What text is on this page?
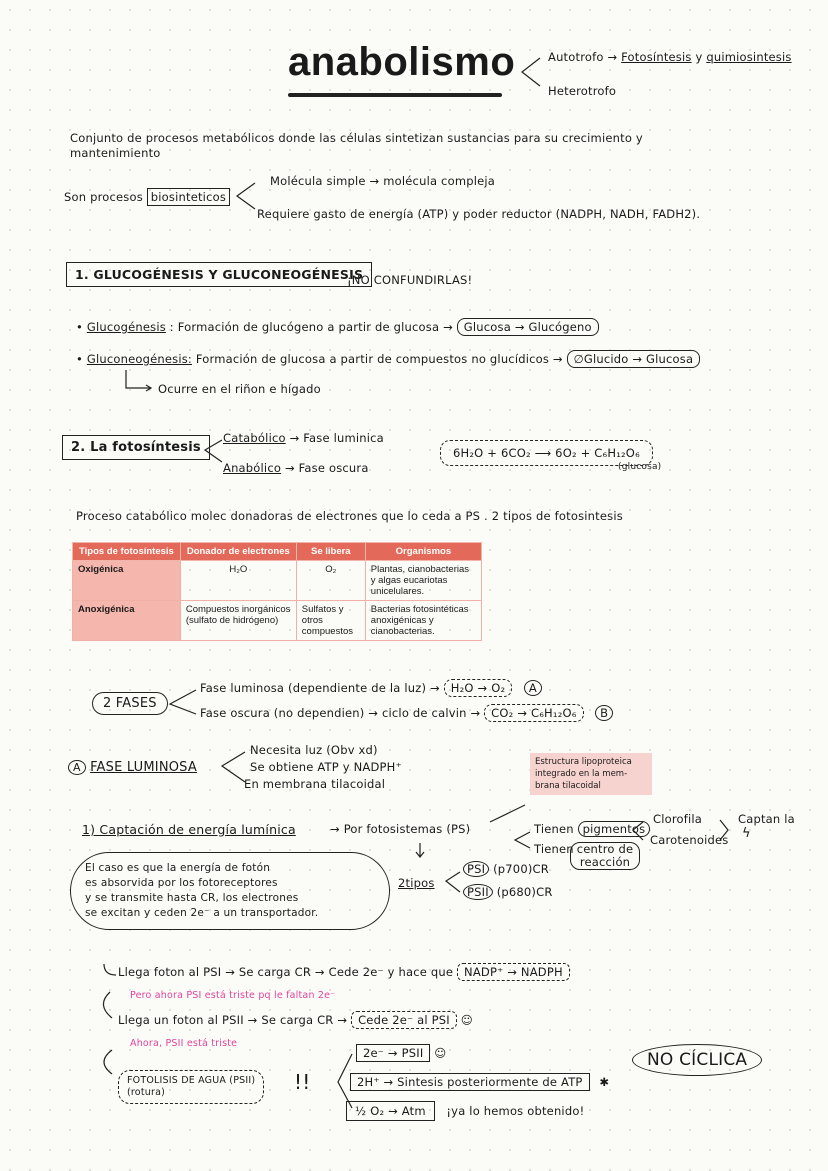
anabolismo	Autotrofo → Fotosíntesis y quimiosintesis
Heterotrofo
Conjunto de procesos metabólicos donde las células sintetizan sustancias para su crecimiento y
mantenimiento
Son procesos biosinteticos
Molécula simple → molécula compleja
Requiere gasto de energía (ATP) y poder reductor (NADPH, NADH, FADH2).
1. GLUCOGÉNESIS Y GLUCONEOGÉNESIS
¡NO CONFUNDIRLAS!
• Glucogénesis : Formación de glucógeno a partir de glucosa → Glucosa → Glucógeno
• Gluconeogénesis: Formación de glucosa a partir de compuestos no glucídicos → ∅Glucido → Glucosa
Ocurre en el riñon e hígado
2. La fotosíntesis
Catabólico → Fase luminica
Anabólico → Fase oscura
6H₂O + 6CO₂ ⟶ 6O₂ + C₆H₁₂O₆
(glucosa)
Proceso catabólico molec donadoras de electrones que lo ceda a PS . 2 tipos de fotosintesis
Tipos de fotosíntesis	Donador de electrones	Se libera	Organismos
Oxigénica	H₂O	O₂	Plantas, cianobacterias y algas eucariotas unicelulares.
Anoxigénica	Compuestos inorgánicos (sulfato de hidrógeno)	Sulfatos y otros compuestos	Bacterias fotosintéticas anoxigénicas y cianobacterias.
2 FASES
Fase luminosa (dependiente de la luz) → H₂O → O₂ A
Fase oscura (no dependien) → ciclo de calvin → CO₂ → C₆H₁₂O₆ B
A FASE LUMINOSA
Necesita luz (Obv xd)
Se obtiene ATP y NADPH⁺
En membrana tilacoidal
Estructura lipoproteica
integrado en la mem-
brana tilacoidal
1) Captación de energía lumínica	→ Por fotosistemas (PS)	Tienen pigmentos
Tienen centro de reacción
Clorofila
Carotenoides
Captan la
ϟ
2tipos
PSI (p700)CR
PSII (p680)CR
El caso es que la energía de fotón
es absorvida por los fotoreceptores
y se transmite hasta CR, los electrones
se excitan y ceden 2e⁻ a un transportador.
Llega foton al PSI → Se carga CR → Cede 2e⁻ y hace que NADP⁺ → NADPH
Pero ahora PSI está triste pq le faltan 2e⁻
Llega un foton al PSII → Se carga CR → Cede 2e⁻ al PSI ☺
Ahora, PSII está triste
FOTOLISIS DE AGUA (PSII)
(rotura)	!!
2e⁻ → PSII ☺
2H⁺ → Sintesis posteriormente de ATP ✱
½ O₂ → Atm ¡ya lo hemos obtenido!
NO CÍCLICA
